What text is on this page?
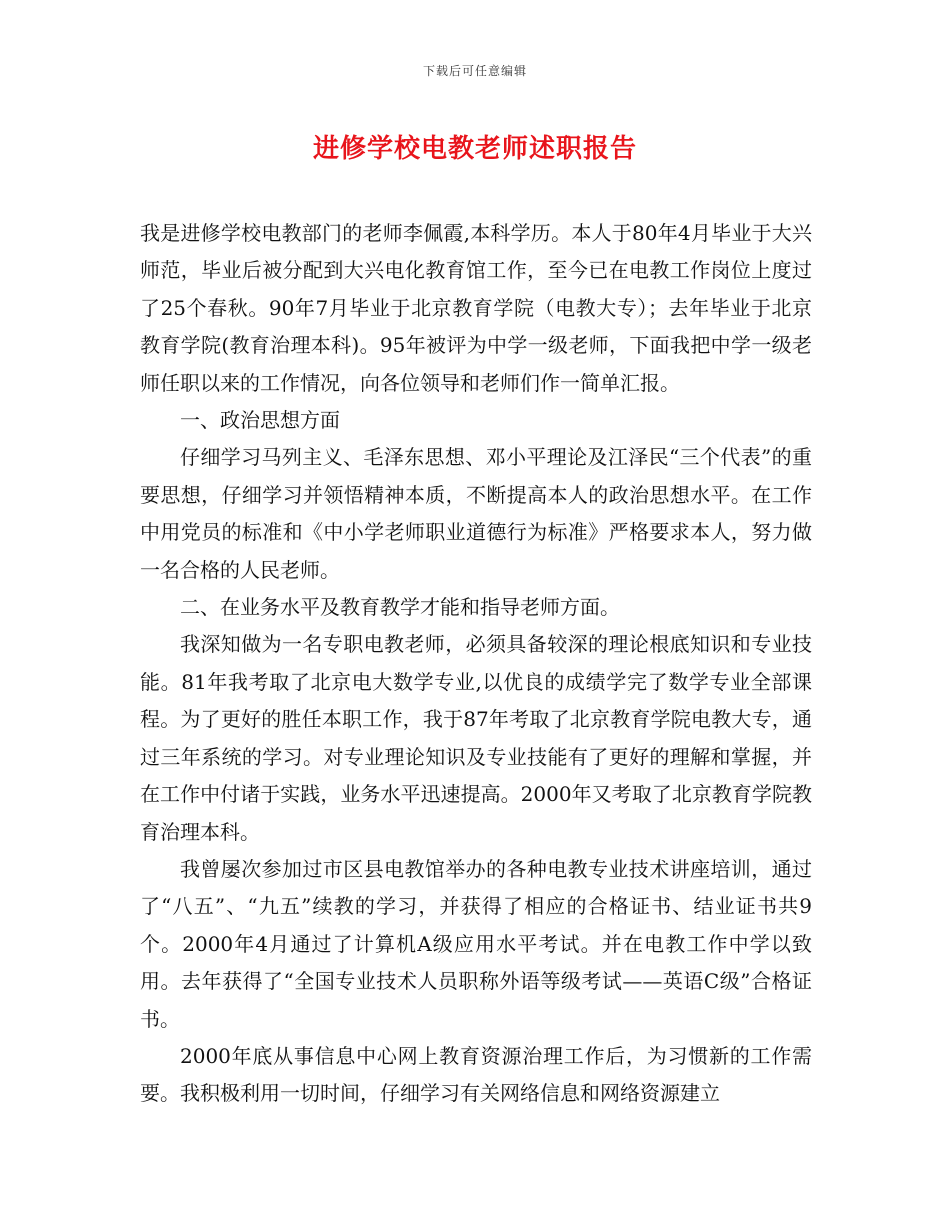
下载后可任意编辑
进修学校电教老师述职报告

我是进修学校电教部门的老师李佩霞,本科学历。本人于80年4月毕业于大兴师范，毕业后被分配到大兴电化教育馆工作，至今已在电教工作岗位上度过了25个春秋。90年7月毕业于北京教育学院（电教大专）；去年毕业于北京教育学院(教育治理本科)。95年被评为中学一级老师，下面我把中学一级老师任职以来的工作情况，向各位领导和老师们作一简单汇报。

一、政治思想方面

仔细学习马列主义、毛泽东思想、邓小平理论及江泽民“三个代表”的重要思想，仔细学习并领悟精神本质，不断提高本人的政治思想水平。在工作中用党员的标准和《中小学老师职业道德行为标准》严格要求本人，努力做一名合格的人民老师。

二、在业务水平及教育教学才能和指导老师方面。

我深知做为一名专职电教老师，必须具备较深的理论根底知识和专业技能。81年我考取了北京电大数学专业,以优良的成绩学完了数学专业全部课程。为了更好的胜任本职工作，我于87年考取了北京教育学院电教大专，通过三年系统的学习。对专业理论知识及专业技能有了更好的理解和掌握，并在工作中付诸于实践，业务水平迅速提高。2000年又考取了北京教育学院教育治理本科。

我曾屡次参加过市区县电教馆举办的各种电教专业技术讲座培训，通过了“八五”、“九五”续教的学习，并获得了相应的合格证书、结业证书共9个。2000年4月通过了计算机A级应用水平考试。并在电教工作中学以致用。去年获得了“全国专业技术人员职称外语等级考试——英语C级”合格证书。

2000年底从事信息中心网上教育资源治理工作后，为习惯新的工作需要。我积极利用一切时间，仔细学习有关网络信息和网络资源建立
